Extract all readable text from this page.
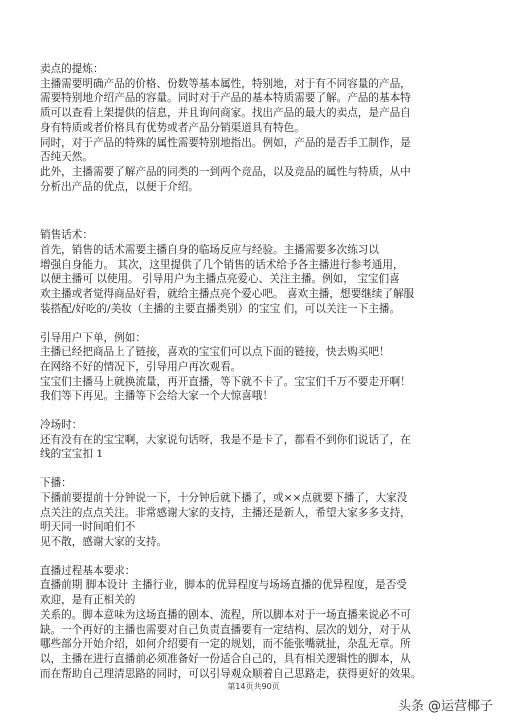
卖点的提炼：

主播需要明确产品的价格、份数等基本属性，特别地，对于有不同容量的产品，

需要特别地介绍产品的容量。同时对于产品的基本特质需要了解。产品的基本特

质可以查看上架提供的信息，并且询问商家。找出产品的最大的卖点，是产品自

身有特质或者价格具有优势或者产品分销渠道具有特色。

同时，对于产品的特殊的属性需要特别地指出。例如，产品的是否手工制作，是

否纯天然。

此外，主播需要了解产品的同类的一到两个竞品，以及竞品的属性与特质，从中

分析出产品的优点，以便于介绍。

销售话术：

首先，销售的话术需要主播自身的临场反应与经验。主播需要多次练习以

增强自身能力。 其次，这里提供了几个销售的话术给予各主播进行参考通用，

以便主播可 以使用。 引导用户为主播点亮爱心、关注主播。例如， 宝宝们喜

欢主播或者觉得商品好看，就给主播点亮个爱心吧。 喜欢主播，想要继续了解服

装搭配/好吃的/美妆（主播的主要直播类别）的宝宝 们，可以关注一下主播。

引导用户下单，例如：

主播已经把商品上了链接，喜欢的宝宝们可以点下面的链接，快去购买吧！

在网络不好的情况下，引导用户再次观看。

宝宝们主播马上就换流量，再开直播，等下就不卡了。宝宝们千万不要走开啊！

我们等下再见。主播等下会给大家一个大惊喜哦！

冷场时：

还有没有在的宝宝啊，大家说句话呀，我是不是卡了，都看不到你们说话了，在

线的宝宝扣 1

下播：

下播前要提前十分钟说一下，十分钟后就下播了，或××点就要下播了，大家没

点关注的点点关注。非常感谢大家的支持，主播还是新人，希望大家多多支持，

明天同一时间咱们不

见不散，感谢大家的支持。

直播过程基本要求：

直播前期 脚本设计 主播行业，脚本的优异程度与场场直播的优异程度，是否受

欢迎，是有正相关的

关系的。脚本意味为这场直播的剧本、流程，所以脚本对于一场直播来说必不可

缺。一个再好的主播也需要对自己负责直播要有一定结构、层次的划分，对于从

哪些部分开始介绍，如何介绍要有一定的规划，而不能张嘴就扯，杂乱无章。所

以，主播在进行直播前必须准备好一份适合自己的，具有相关逻辑性的脚本，从

而在帮助自己理清思路的同时，可以引导观众顺着自己思路走，获得更好的效果。

第14页共90页
头条 @运营椰子
